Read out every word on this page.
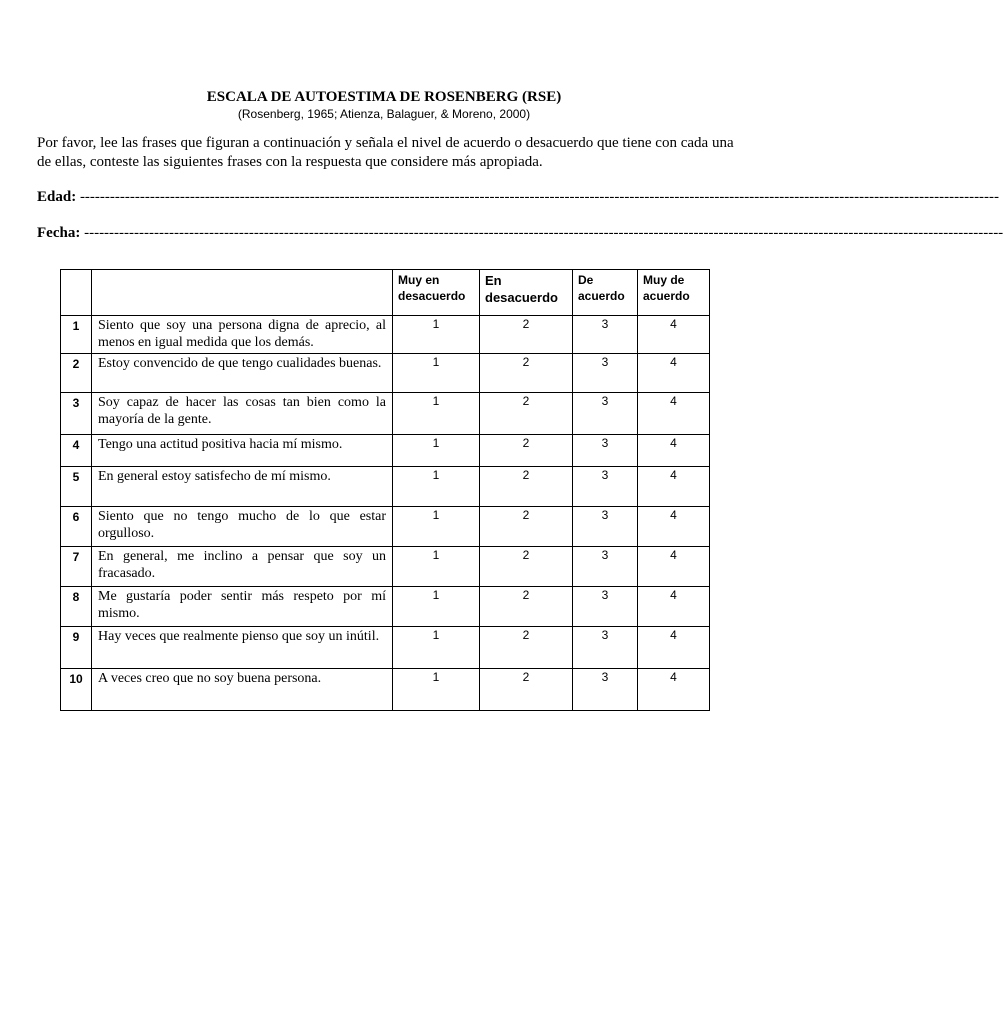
ESCALA DE AUTOESTIMA DE ROSENBERG (RSE)
(Rosenberg, 1965; Atienza, Balaguer, & Moreno, 2000)

Por favor, lee las frases que figuran a continuación y señala el nivel de acuerdo o desacuerdo que tiene con cada una de ellas, conteste las siguientes frases con la respuesta que considere más apropiada.

Edad: ----------------------------------------------------------------------------------------------------------------------------------------------------------------------------------------
Fecha: ----------------------------------------------------------------------------------------------------------------------------------------------------------------------------------------
		Muy en desacuerdo	En desacuerdo	De acuerdo	Muy de acuerdo
1	Siento que soy una persona digna de aprecio, al menos en igual medida que los demás.	1	2	3	4
2	Estoy convencido de que tengo cualidades buenas.	1	2	3	4
3	Soy capaz de hacer las cosas tan bien como la mayoría de la gente.	1	2	3	4
4	Tengo una actitud positiva hacia mí mismo.	1	2	3	4
5	En general estoy satisfecho de mí mismo.	1	2	3	4
6	Siento que no tengo mucho de lo que estar orgulloso.	1	2	3	4
7	En general, me inclino a pensar que soy un fracasado.	1	2	3	4
8	Me gustaría poder sentir más respeto por mí mismo.	1	2	3	4
9	Hay veces que realmente pienso que soy un inútil.	1	2	3	4
10	A veces creo que no soy buena persona.	1	2	3	4
